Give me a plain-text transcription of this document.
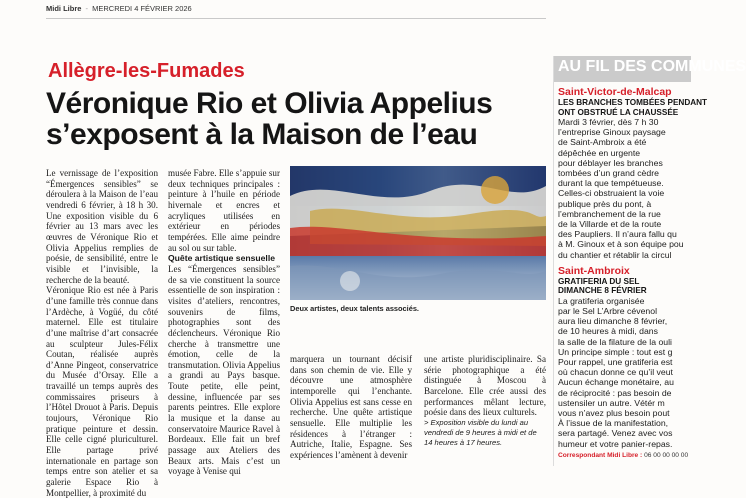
Midi Libre - MERCREDI 4 FÉVRIER 2026
Allègre-les-Fumades
Véronique Rio et Olivia Appelius s’exposent à la Maison de l’eau

Le vernissage de l’exposition “Émergences sensibles” se déroulera à la Maison de l’eau vendredi 6 février, à 18 h 30. Une exposition visible du 6 février au 13 mars avec les œuvres de Véronique Rio et Olivia Appelius remplies de poésie, de sensibilité, entre le visible et l’invisible, la recherche de la beauté.

Véronique Rio est née à Paris d’une famille très connue dans l’Ardèche, à Vogüé, du côté maternel. Elle est titulaire d’une maîtrise d’art consacrée au sculpteur Jules-Félix Coutan, réalisée auprès d’Anne Pingeot, conservatrice du Musée d’Orsay. Elle a travaillé un temps auprès des commissaires priseurs à l’Hôtel Drouot à Paris. Depuis toujours, Véronique Rio pratique peinture et dessin. Elle celle cigné pluriculturel. Elle partage privé internationale en partage son temps entre son atelier et sa galerie Espace Rio à Montpellier, à proximité du

musée Fabre. Elle s’appuie sur deux techniques principales : peinture à l’huile en période hivernale et encres et acryliques utilisées en extérieur en périodes tempérées. Elle aime peindre au sol ou sur table.

Quête artistique sensuelle

Les “Émergences sensibles” de sa vie constituent la source essentielle de son inspiration : visites d’ateliers, rencontres, souvenirs de films, photographies sont des déclencheurs. Véronique Rio cherche à transmettre une émotion, celle de la transmutation. Olivia Appelius a grandi au Pays basque. Toute petite, elle peint, dessine, influencée par ses parents peintres. Elle explore la musique et la danse au conservatoire Maurice Ravel à Bordeaux. Elle fait un bref passage aux Ateliers des Beaux arts. Mais c’est un voyage à Venise qui

Deux artistes, deux talents associés.

marquera un tournant décisif dans son chemin de vie. Elle y découvre une atmosphère intemporelle qui l’enchante. Olivia Appelius est sans cesse en recherche. Une quête artistique sensuelle. Elle multiplie les résidences à l’étranger : Autriche, Italie, Espagne. Ses expériences l’amènent à devenir

une artiste pluridisciplinaire. Sa série photographique a été distinguée à Moscou à Barcelone. Elle crée aussi des performances mêlant lecture, poésie dans des lieux culturels.

> Exposition visible du lundi au vendredi de 9 heures à midi et de 14 heures à 17 heures.

AU FIL DES COMMUNES
Saint-Victor-de-Malcap
LES BRANCHES TOMBÉES PENDANT
ONT OBSTRUÉ LA CHAUSSÉE
Mardi 3 février, dès 7 h 30
l’entreprise Ginoux paysage
de Saint-Ambroix a été
dépêchée en urgente
pour déblayer les branches
tombées d’un grand cèdre
durant la que tempétueuse.
Celles-ci obstruaient la voie
publique près du pont, à
l’embranchement de la rue
de la Villarde et de la route
des Paupliers. Il n’aura fallu qu
à M. Ginoux et à son équipe pou
du chantier et rétablir la circul
Saint-Ambroix
GRATIFERIA DU SEL
DIMANCHE 8 FÉVRIER
La gratiferia organisée
par le Sel L’Arbre cévenol
aura lieu dimanche 8 février,
de 10 heures à midi, dans
la salle de la filature de la ouli
Un principe simple : tout est g
Pour rappel, une gratiferia est
où chacun donne ce qu’il veut
Aucun échange monétaire, au
de réciprocité : pas besoin de
ustensiler un autre. Vétér m
vous n’avez plus besoin pout
À l’issue de la manifestation,
sera partagé. Venez avec vos
humeur et votre panier-repas.
Correspondant Midi Libre : 06 00 00 00 00
